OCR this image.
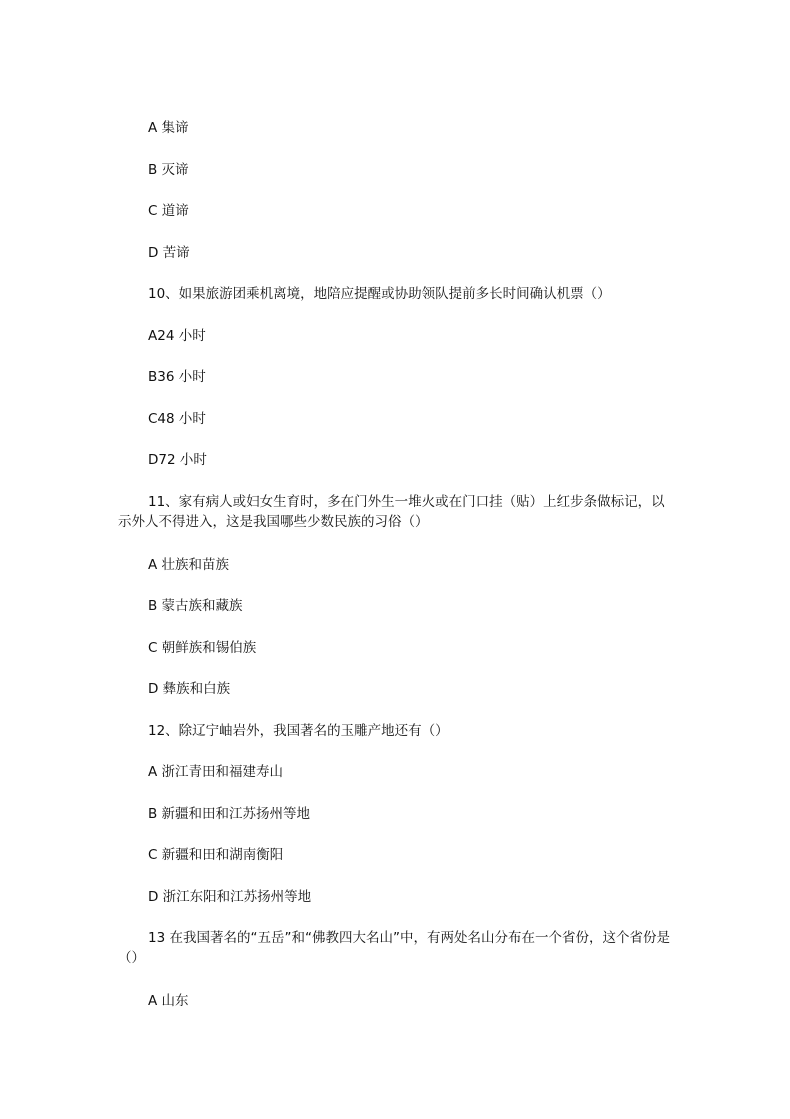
A 集谛

B 灭谛

C 道谛

D 苦谛

10、如果旅游团乘机离境，地陪应提醒或协助领队提前多长时间确认机票（）

A24 小时

B36 小时

C48 小时

D72 小时

11、家有病人或妇女生育时，多在门外生一堆火或在门口挂（贴）上红步条做标记，以示外人不得进入，这是我国哪些少数民族的习俗（）

A 壮族和苗族

B 蒙古族和藏族

C 朝鲜族和锡伯族

D 彝族和白族

12、除辽宁岫岩外，我国著名的玉雕产地还有（）

A 浙江青田和福建寿山

B 新疆和田和江苏扬州等地

C 新疆和田和湖南衡阳

D 浙江东阳和江苏扬州等地

13 在我国著名的“五岳”和“佛教四大名山”中，有两处名山分布在一个省份，这个省份是（）

A 山东
